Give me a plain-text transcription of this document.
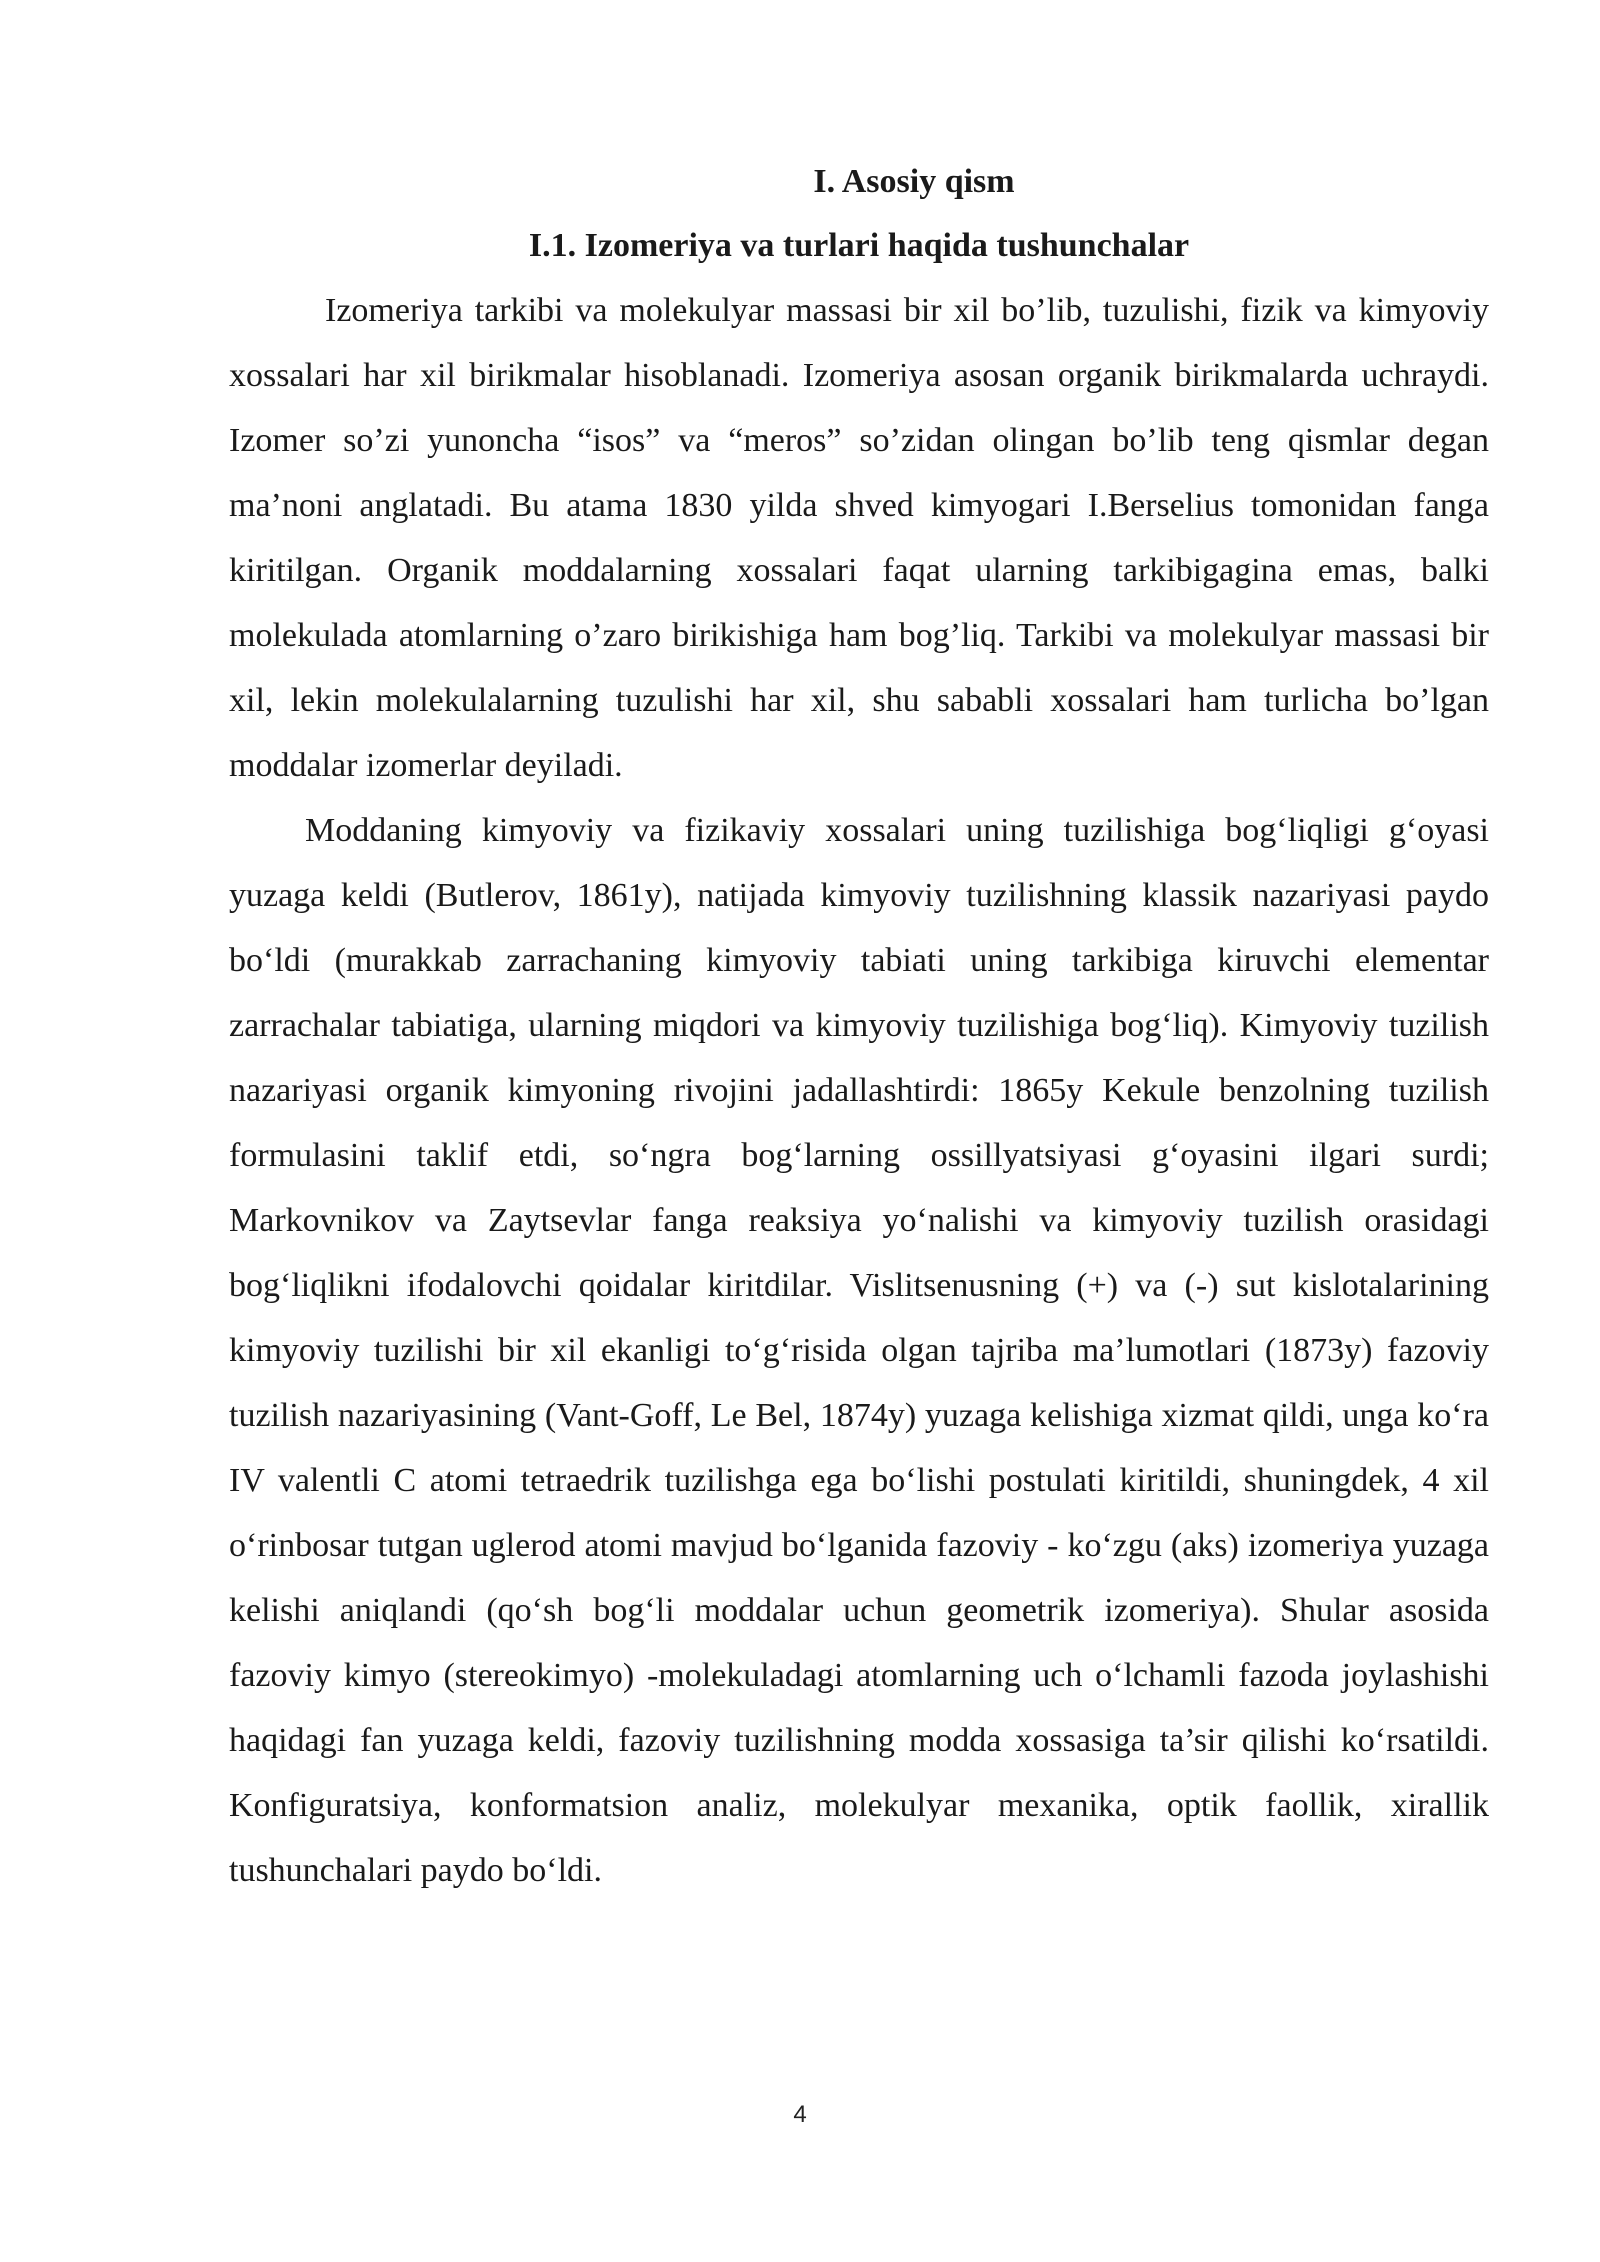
I. Asosiy qism
I.1. Izomeriya va turlari haqida tushunchalar

Izomeriya tarkibi va molekulyar massasi bir xil bo’lib, tuzulishi, fizik va kimyoviy xossalari har xil birikmalar hisoblanadi. Izomeriya asosan organik birikmalarda uchraydi. Izomer so’zi yunoncha “isos” va “meros” so’zidan olingan bo’lib teng qismlar degan ma’noni anglatadi. Bu atama 1830 yilda shved kimyogari I.Berselius tomonidan fanga kiritilgan. Organik moddalarning xossalari faqat ularning tarkibigagina emas, balki molekulada atomlarning o’zaro birikishiga ham bog’liq. Tarkibi va molekulyar massasi bir xil, lekin molekulalarning tuzulishi har xil, shu sababli xossalari ham turlicha bo’lgan moddalar izomerlar deyiladi.

Moddaning kimyoviy va fizikaviy xossalari uning tuzilishiga bog‘liqligi g‘oyasi yuzaga keldi (Butlerov, 1861y), natijada kimyoviy tuzilishning klassik nazariyasi paydo bo‘ldi (murakkab zarrachaning kimyoviy tabiati uning tarkibiga kiruvchi elementar zarrachalar tabiatiga, ularning miqdori va kimyoviy tuzilishiga bog‘liq). Kimyoviy tuzilish nazariyasi organik kimyoning rivojini jadallashtirdi: 1865y Kekule benzolning tuzilish formulasini taklif etdi, so‘ngra bog‘larning ossillyatsiyasi g‘oyasini ilgari surdi; Markovnikov va Zaytsevlar fanga reaksiya yo‘nalishi va kimyoviy tuzilish orasidagi bog‘liqlikni ifodalovchi qoidalar kiritdilar. Vislitsenusning (+) va (-) sut kislotalarining kimyoviy tuzilishi bir xil ekanligi to‘g‘risida olgan tajriba ma’lumotlari (1873y) fazoviy tuzilish nazariyasining (Vant-Goff, Le Bel, 1874y) yuzaga kelishiga xizmat qildi, unga ko‘ra IV valentli C atomi tetraedrik tuzilishga ega bo‘lishi postulati kiritildi, shuningdek, 4 xil o‘rinbosar tutgan uglerod atomi mavjud bo‘lganida fazoviy - ko‘zgu (aks) izomeriya yuzaga kelishi aniqlandi (qo‘sh bog‘li moddalar uchun geometrik izomeriya). Shular asosida fazoviy kimyo (stereokimyo) -molekuladagi atomlarning uch o‘lchamli fazoda joylashishi haqidagi fan yuzaga keldi, fazoviy tuzilishning modda xossasiga ta’sir qilishi ko‘rsatildi. Konfiguratsiya, konformatsion analiz, molekulyar mexanika, optik faollik, xirallik tushunchalari paydo bo‘ldi.

4
